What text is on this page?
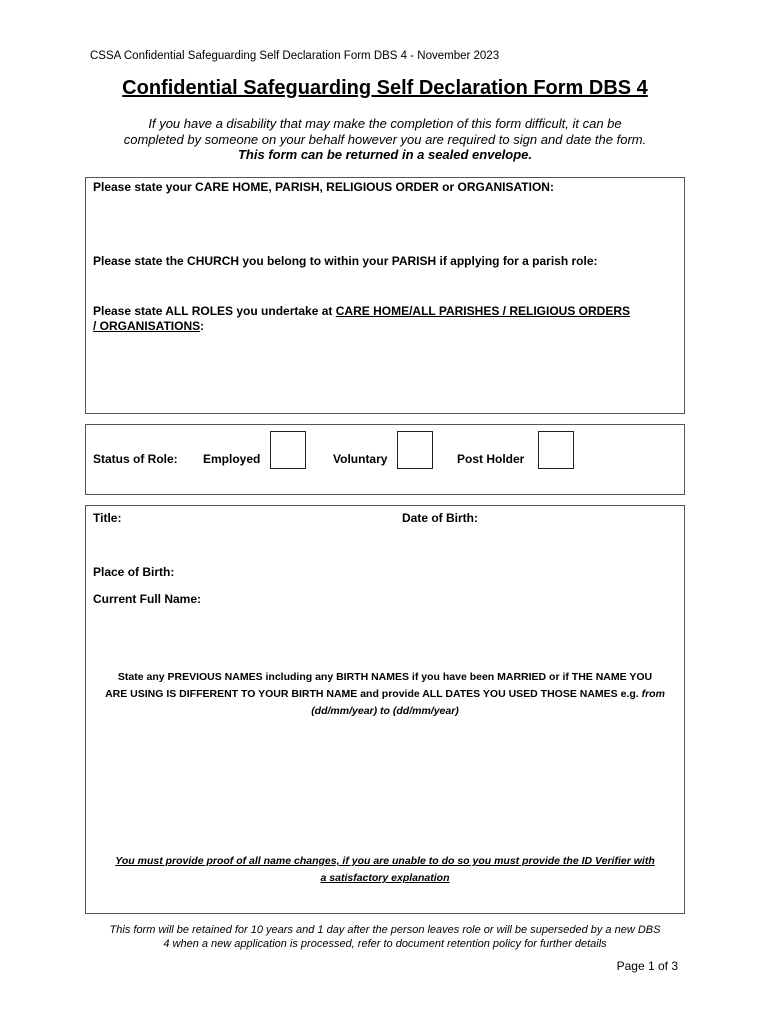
CSSA Confidential Safeguarding Self Declaration Form DBS 4 - November 2023
Confidential Safeguarding Self Declaration Form DBS 4
If you have a disability that may make the completion of this form difficult, it can be
completed by someone on your behalf however you are required to sign and date the form.
This form can be returned in a sealed envelope.
Please state your CARE HOME, PARISH, RELIGIOUS ORDER or ORGANISATION:
Please state the CHURCH you belong to within your PARISH if applying for a parish role:
Please state ALL ROLES you undertake at CARE HOME/ALL PARISHES / RELIGIOUS ORDERS
/ ORGANISATIONS:
Status of Role: Employed	Voluntary	Post Holder
Title:	Date of Birth:
Place of Birth:
Current Full Name:
State any PREVIOUS NAMES including any BIRTH NAMES if you have been MARRIED or if THE NAME YOU
ARE USING IS DIFFERENT TO YOUR BIRTH NAME and provide ALL DATES YOU USED THOSE NAMES e.g. from
(dd/mm/year) to (dd/mm/year)
You must provide proof of all name changes, if you are unable to do so you must provide the ID Verifier with
a satisfactory explanation
This form will be retained for 10 years and 1 day after the person leaves role or will be superseded by a new DBS
4 when a new application is processed, refer to document retention policy for further details
Page 1 of 3
